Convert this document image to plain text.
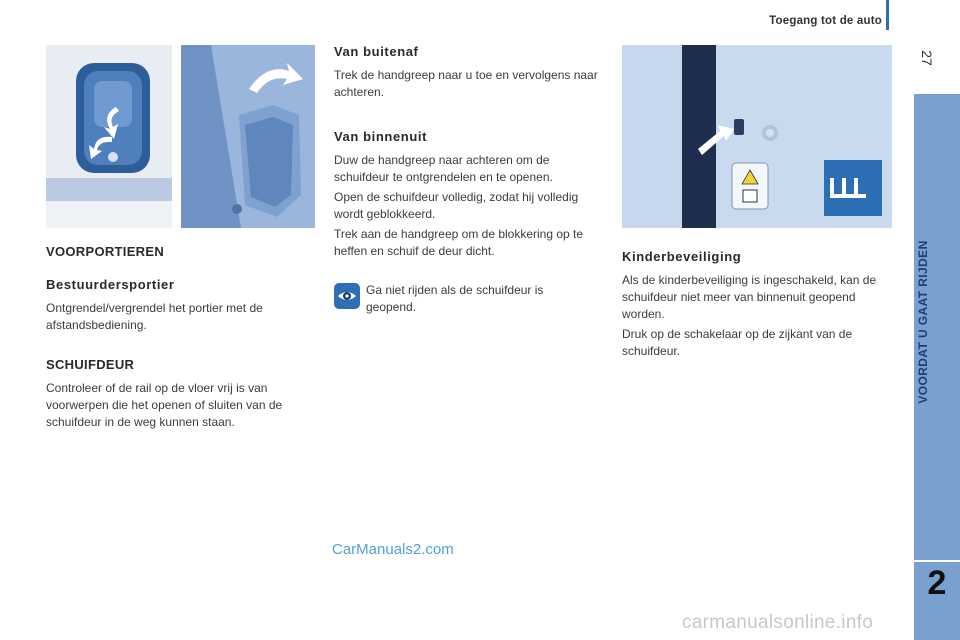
Toegang tot de auto
27
VOORDAT U GAAT RIJDEN
2
VOORPORTIEREN
Bestuurdersportier

Ontgrendel/vergrendel het portier met de afstandsbediening.

SCHUIFDEUR

Controleer of de rail op de vloer vrij is van voorwerpen die het openen of sluiten van de schuifdeur in de weg kunnen staan.

Van buitenaf

Trek de handgreep naar u toe en vervolgens naar achteren.

Van binnenuit

Duw de handgreep naar achteren om de schuifdeur te ontgrendelen en te openen.

Open de schuifdeur volledig, zodat hij volledig wordt geblokkeerd.

Trek aan de handgreep om de blokkering op te heffen en schuif de deur dicht.

Ga niet rijden als de schuifdeur is geopend.

Kinderbeveiliging

Als de kinderbeveiliging is ingeschakeld, kan de schuifdeur niet meer van binnenuit geopend worden.

Druk op de schakelaar op de zijkant van de schuifdeur.

CarManuals2.com
carmanualsonline.info
